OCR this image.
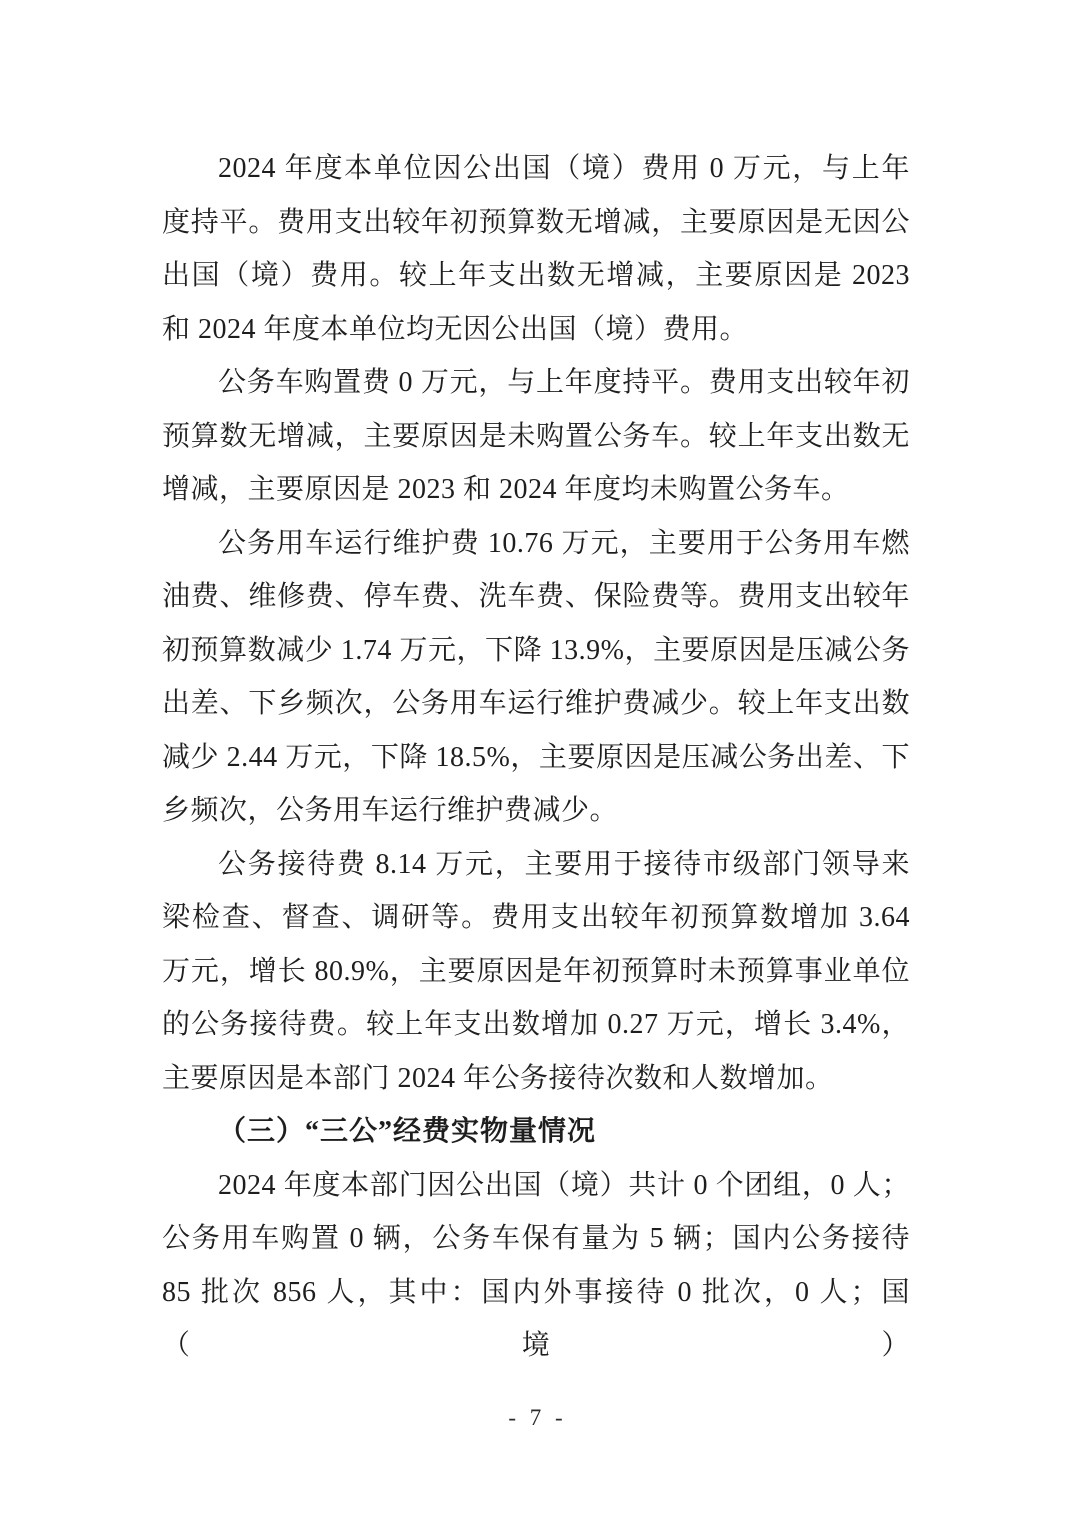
2024 年度本单位因公出国（境）费用 0 万元，与上年度持平。费用支出较年初预算数无增减，主要原因是无因公出国（境）费用。较上年支出数无增减，主要原因是 2023 和 2024 年度本单位均无因公出国（境）费用。

公务车购置费 0 万元，与上年度持平。费用支出较年初预算数无增减，主要原因是未购置公务车。较上年支出数无增减，主要原因是 2023 和 2024 年度均未购置公务车。

公务用车运行维护费 10.76 万元，主要用于公务用车燃油费、维修费、停车费、洗车费、保险费等。费用支出较年初预算数减少 1.74 万元，下降 13.9%，主要原因是压减公务出差、下乡频次，公务用车运行维护费减少。较上年支出数减少 2.44 万元，下降 18.5%，主要原因是压减公务出差、下乡频次，公务用车运行维护费减少。

公务接待费 8.14 万元，主要用于接待市级部门领导来梁检查、督查、调研等。费用支出较年初预算数增加 3.64 万元，增长 80.9%，主要原因是年初预算时未预算事业单位的公务接待费。较上年支出数增加 0.27 万元，增长 3.4%，主要原因是本部门 2024 年公务接待次数和人数增加。

（三）“三公”经费实物量情况

2024 年度本部门因公出国（境）共计 0 个团组，0 人；公务用车购置 0 辆，公务车保有量为 5 辆；国内公务接待 85 批次 856 人，其中：国内外事接待 0 批次，0 人；国（境）

- 7 -
